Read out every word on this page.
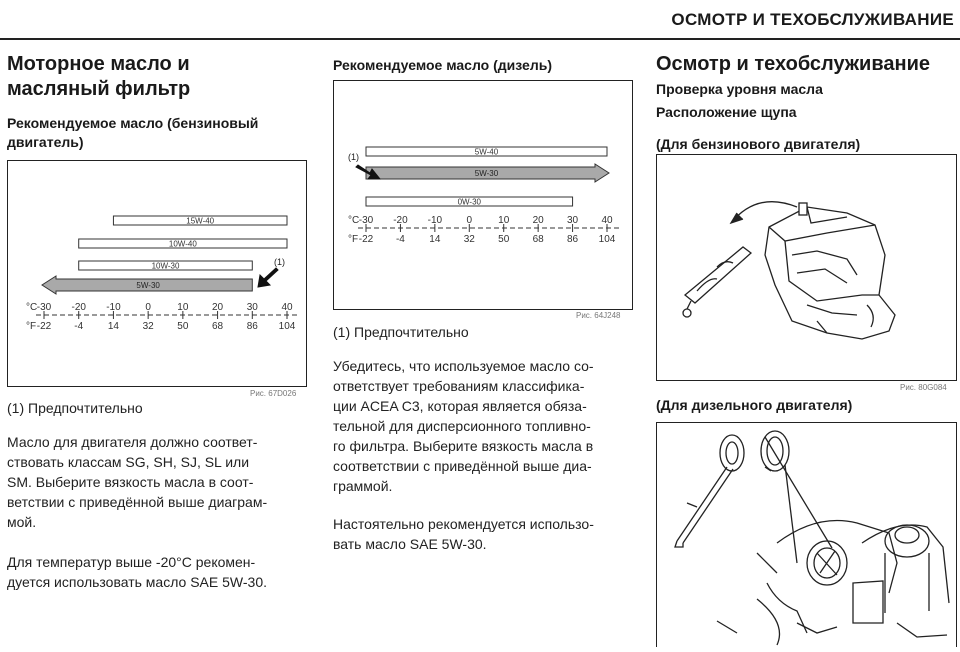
ОСМОТР И ТЕХОБСЛУЖИВАНИЕ
Моторное масло и
масляный фильтр
Рекомендуемое масло (бензиновый
двигатель)
15W-40
10W-40
10W-30
5W-30
(1)
-30
-22
-20
-4
-10
14
0
32
10
50
20
68
30
86
40
104
°C
°F
Рис. 67D026
(1) Предпочтительно
Масло для двигателя должно соответ-
ствовать классам SG, SH, SJ, SL или
SM. Выберите вязкость масла в соот-
ветствии с приведённой выше диаграм-
мой.
Для температур выше -20°C рекомен-
дуется использовать масло SAE 5W-30.
Рекомендуемое масло (дизель)
5W-40
5W-30
0W-30
(1)
-30
-22
-20
-4
-10
14
0
32
10
50
20
68
30
86
40
104
°C
°F
Рис. 64J248
(1) Предпочтительно
Убедитесь, что используемое масло со-
ответствует требованиям классифика-
ции ACEA C3, которая является обяза-
тельной для дисперсионного топливно-
го фильтра. Выберите вязкость масла в
соответствии с приведённой выше диа-
граммой.
Настоятельно рекомендуется использо-
вать масло SAE 5W-30.
Осмотр и техобслуживание
Проверка уровня масла
Расположение щупа
(Для бензинового двигателя)
Рис. 80G084
(Для дизельного двигателя)
